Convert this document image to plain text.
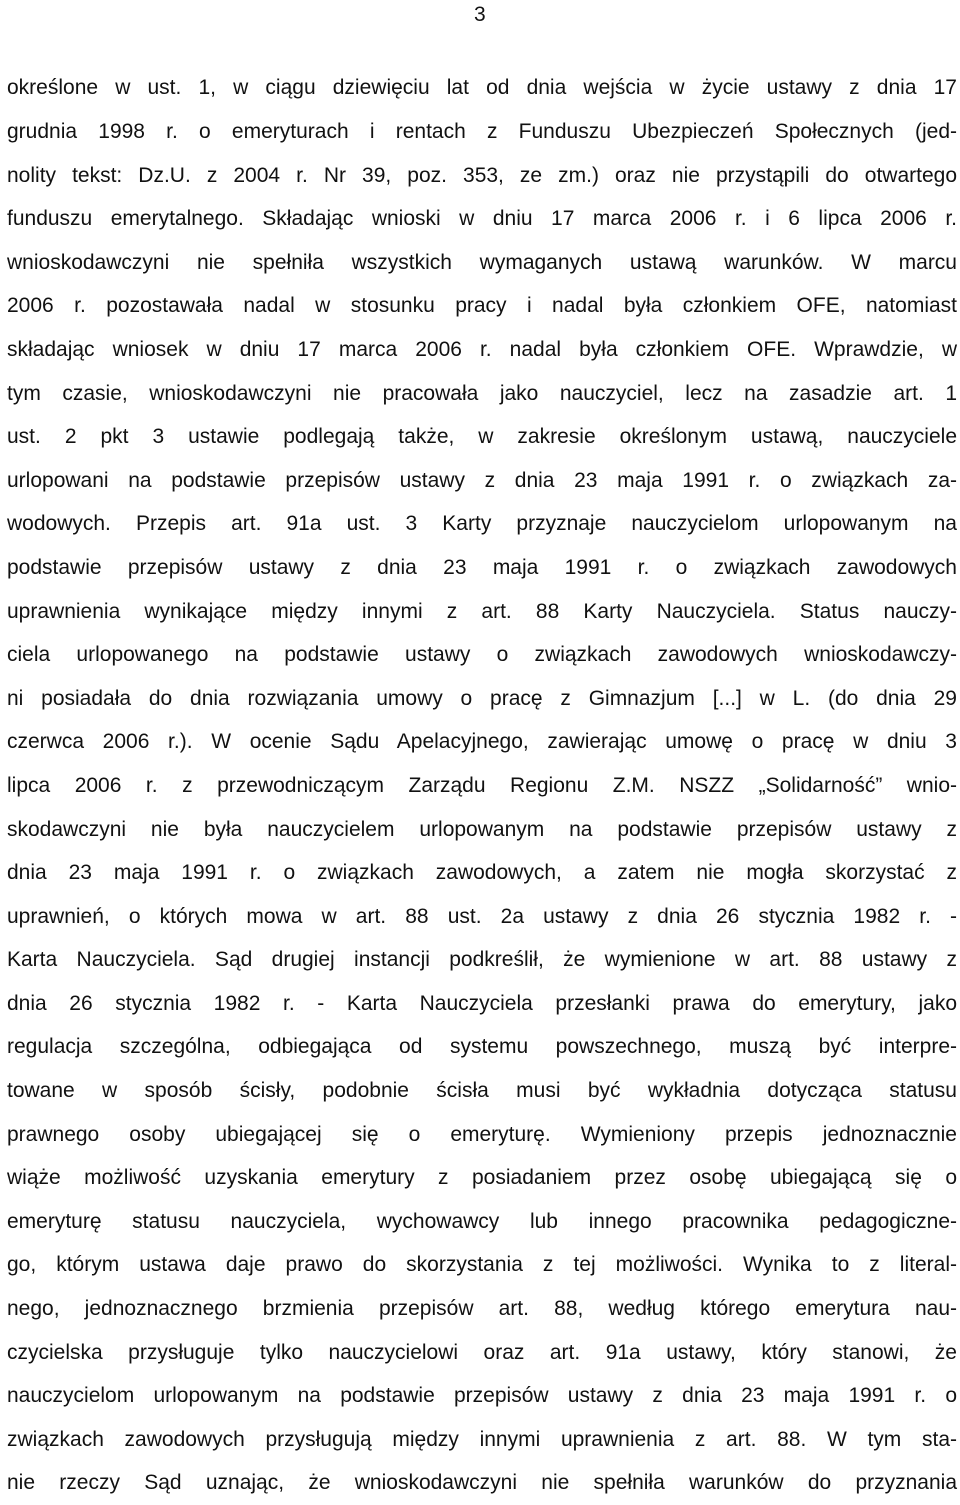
3
określone w ust. 1, w ciągu dziewięciu lat od dnia wejścia w życie ustawy z dnia 17
grudnia 1998 r. o emeryturach i rentach z Funduszu Ubezpieczeń Społecznych (jed-
nolity tekst: Dz.U. z 2004 r. Nr 39, poz. 353, ze zm.) oraz nie przystąpili do otwartego
funduszu emerytalnego. Składając wnioski w dniu 17 marca 2006 r. i 6 lipca 2006 r.
wnioskodawczyni nie spełniła wszystkich wymaganych ustawą warunków. W marcu
2006 r. pozostawała nadal w stosunku pracy i nadal była członkiem OFE, natomiast
składając wniosek w dniu 17 marca 2006 r. nadal była członkiem OFE. Wprawdzie, w
tym czasie, wnioskodawczyni nie pracowała jako nauczyciel, lecz na zasadzie art. 1
ust. 2 pkt 3 ustawie podlegają także, w zakresie określonym ustawą, nauczyciele
urlopowani na podstawie przepisów ustawy z dnia 23 maja 1991 r. o związkach za-
wodowych. Przepis art. 91a ust. 3 Karty przyznaje nauczycielom urlopowanym na
podstawie przepisów ustawy z dnia 23 maja 1991 r. o związkach zawodowych
uprawnienia wynikające między innymi z art. 88 Karty Nauczyciela. Status nauczy-
ciela urlopowanego na podstawie ustawy o związkach zawodowych wnioskodawczy-
ni posiadała do dnia rozwiązania umowy o pracę z Gimnazjum [...] w L. (do dnia 29
czerwca 2006 r.). W ocenie Sądu Apelacyjnego, zawierając umowę o pracę w dniu 3
lipca 2006 r. z przewodniczącym Zarządu Regionu Z.M. NSZZ „Solidarność” wnio-
skodawczyni nie była nauczycielem urlopowanym na podstawie przepisów ustawy z
dnia 23 maja 1991 r. o związkach zawodowych, a zatem nie mogła skorzystać z
uprawnień, o których mowa w art. 88 ust. 2a ustawy z dnia 26 stycznia 1982 r. -
Karta Nauczyciela. Sąd drugiej instancji podkreślił, że wymienione w art. 88 ustawy z
dnia 26 stycznia 1982 r. - Karta Nauczyciela przesłanki prawa do emerytury, jako
regulacja szczególna, odbiegająca od systemu powszechnego, muszą być interpre-
towane w sposób ścisły, podobnie ścisła musi być wykładnia dotycząca statusu
prawnego osoby ubiegającej się o emeryturę. Wymieniony przepis jednoznacznie
wiąże możliwość uzyskania emerytury z posiadaniem przez osobę ubiegającą się o
emeryturę statusu nauczyciela, wychowawcy lub innego pracownika pedagogiczne-
go, którym ustawa daje prawo do skorzystania z tej możliwości. Wynika to z literal-
nego, jednoznacznego brzmienia przepisów art. 88, według którego emerytura nau-
czycielska przysługuje tylko nauczycielowi oraz art. 91a ustawy, który stanowi, że
nauczycielom urlopowanym na podstawie przepisów ustawy z dnia 23 maja 1991 r. o
związkach zawodowych przysługują między innymi uprawnienia z art. 88. W tym sta-
nie rzeczy Sąd uznając, że wnioskodawczyni nie spełniła warunków do przyznania
